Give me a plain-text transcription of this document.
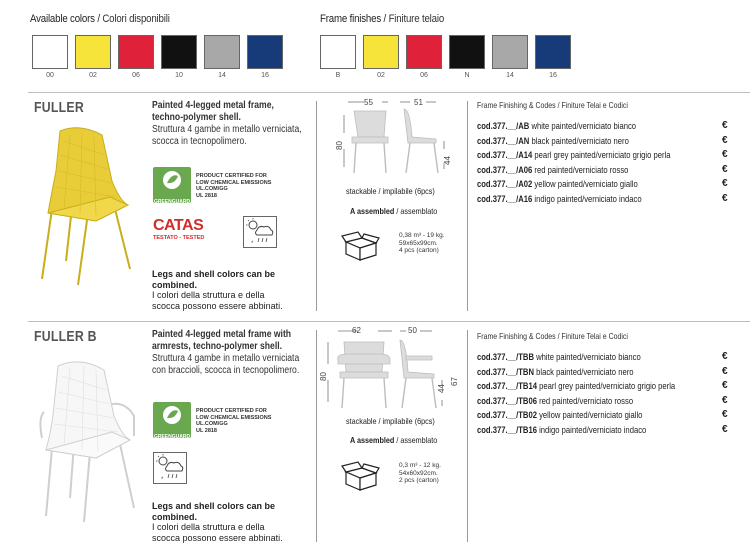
Available colors / Colori disponibili
00	02	06	10	14	16
Frame finishes / Finiture telaio
B	02	06	N	14	16
FULLER	Painted 4-legged metal frame,
techno-polymer shell.
Struttura 4 gambe in metallo verniciata,
scocca in tecnopolimero.
GREENGUARD
PRODUCT CERTIFIED FOR
LOW CHEMICAL EMISSIONS
UL.COM/GG
UL 2818
CATAS
TESTATO - TESTED
*
Legs and shell colors can be
combined.
I colori della struttura e della
scocca possono essere abbinati.
55	51
80
44
stackable / impilabile (6pcs)
A assembled / assemblato
0,38 m³ - 19 kg.
59x65x99cm.
4 pcs (carton)
Frame Finishing & Codes / Finiture Telai e Codici
cod.377.__/AB white painted/verniciato bianco	€
cod.377.__/AN black painted/verniciato nero	€
cod.377.__/A14 pearl grey painted/verniciato grigio perla	€
cod.377.__/A06 red painted/verniciato rosso	€
cod.377.__/A02 yellow painted/verniciato giallo	€
cod.377.__/A16 indigo painted/verniciato indaco	€
FULLER B	Painted 4-legged metal frame with
armrests, techno-polymer shell.
Struttura 4 gambe in metallo verniciata
con braccioli, scocca in tecnopolimero.
GREENGUARD
PRODUCT CERTIFIED FOR
LOW CHEMICAL EMISSIONS
UL.COM/GG
UL 2818
*
Legs and shell colors can be
combined.
I colori della struttura e della
scocca possono essere abbinati.
62	50
80
44
67
stackable / impilabile (6pcs)
A assembled / assemblato
0,3 m³ - 12 kg.
54x60x92cm.
2 pcs (carton)
Frame Finishing & Codes / Finiture Telai e Codici
cod.377.__/TBB white painted/verniciato bianco	€
cod.377.__/TBN black painted/verniciato nero	€
cod.377.__/TB14 pearl grey painted/verniciato grigio perla	€
cod.377.__/TB06 red painted/verniciato rosso	€
cod.377.__/TB02 yellow painted/verniciato giallo	€
cod.377.__/TB16 indigo painted/verniciato indaco	€
